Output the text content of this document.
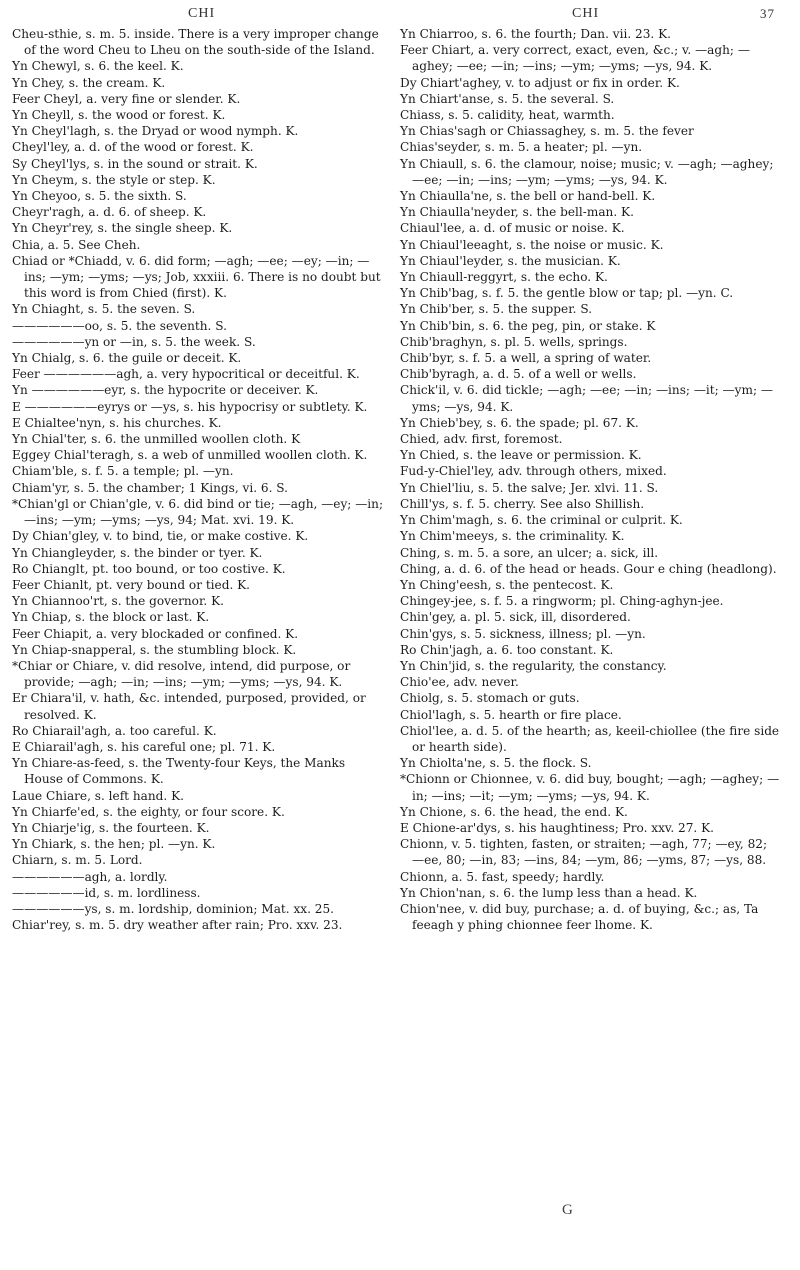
CHI	CHI	37

Cheu-sthie, s. m. 5. inside. There is a very improper change of the word Cheu to Lheu on the south-side of the Island.

Yn Chewyl, s. 6. the keel. K.

Yn Chey, s. the cream. K.

Feer Cheyl, a. very fine or slender. K.

Yn Cheyll, s. the wood or forest. K.

Yn Cheyl'lagh, s. the Dryad or wood nymph. K.

Cheyl'ley, a. d. of the wood or forest. K.

Sy Cheyl'lys, s. in the sound or strait. K.

Yn Cheym, s. the style or step. K.

Yn Cheyoo, s. 5. the sixth. S.

Cheyr'ragh, a. d. 6. of sheep. K.

Yn Cheyr'rey, s. the single sheep. K.

Chia, a. 5. See Cheh.

Chiad or *Chiadd, v. 6. did form; —agh; —ee; —ey; —in; —ins; —ym; —yms; —ys; Job, xxxiii. 6. There is no doubt but this word is from Chied (first). K.

Yn Chiaght, s. 5. the seven. S.

——————oo, s. 5. the seventh. S.

——————yn or —in, s. 5. the week. S.

Yn Chialg, s. 6. the guile or deceit. K.

Feer ——————agh, a. very hypocritical or deceitful. K.

Yn ——————eyr, s. the hypocrite or deceiver. K.

E ——————eyrys or —ys, s. his hypocrisy or subtlety. K.

E Chialtee'nyn, s. his churches. K.

Yn Chial'ter, s. 6. the unmilled woollen cloth. K

Eggey Chial'teragh, s. a web of unmilled woollen cloth. K.

Chiam'ble, s. f. 5. a temple; pl. —yn.

Chiam'yr, s. 5. the chamber; 1 Kings, vi. 6. S.

*Chian'gl or Chian'gle, v. 6. did bind or tie; —agh, —ey; —in; —ins; —ym; —yms; —ys, 94; Mat. xvi. 19. K.

Dy Chian'gley, v. to bind, tie, or make costive. K.

Yn Chiangleyder, s. the binder or tyer. K.

Ro Chianglt, pt. too bound, or too costive. K.

Feer Chianlt, pt. very bound or tied. K.

Yn Chiannoo'rt, s. the governor. K.

Yn Chiap, s. the block or last. K.

Feer Chiapit, a. very blockaded or confined. K.

Yn Chiap-snapperal, s. the stumbling block. K.

*Chiar or Chiare, v. did resolve, intend, did purpose, or provide; —agh; —in; —ins; —ym; —yms; —ys, 94. K.

Er Chiara'il, v. hath, &c. intended, purposed, provided, or resolved. K.

Ro Chiarail'agh, a. too careful. K.

E Chiarail'agh, s. his careful one; pl. 71. K.

Yn Chiare-as-feed, s. the Twenty-four Keys, the Manks House of Commons. K.

Laue Chiare, s. left hand. K.

Yn Chiarfe'ed, s. the eighty, or four score. K.

Yn Chiarje'ig, s. the fourteen. K.

Yn Chiark, s. the hen; pl. —yn. K.

Chiarn, s. m. 5. Lord.

——————agh, a. lordly.

——————id, s. m. lordliness.

——————ys, s. m. lordship, dominion; Mat. xx. 25.

Chiar'rey, s. m. 5. dry weather after rain; Pro. xxv. 23.

Yn Chiarroo, s. 6. the fourth; Dan. vii. 23. K.

Feer Chiart, a. very correct, exact, even, &c.; v. —agh; —aghey; —ee; —in; —ins; —ym; —yms; —ys, 94. K.

Dy Chiart'aghey, v. to adjust or fix in order. K.

Yn Chiart'anse, s. 5. the several. S.

Chiass, s. 5. calidity, heat, warmth.

Yn Chias'sagh or Chiassaghey, s. m. 5. the fever

Chias'seyder, s. m. 5. a heater; pl. —yn.

Yn Chiaull, s. 6. the clamour, noise; music; v. —agh; —aghey; —ee; —in; —ins; —ym; —yms; —ys, 94. K.

Yn Chiaulla'ne, s. the bell or hand-bell. K.

Yn Chiaulla'neyder, s. the bell-man. K.

Chiaul'lee, a. d. of music or noise. K.

Yn Chiaul'leeaght, s. the noise or music. K.

Yn Chiaul'leyder, s. the musician. K.

Yn Chiaull-reggyrt, s. the echo. K.

Yn Chib'bag, s. f. 5. the gentle blow or tap; pl. —yn. C.

Yn Chib'ber, s. 5. the supper. S.

Yn Chib'bin, s. 6. the peg, pin, or stake. K

Chib'braghyn, s. pl. 5. wells, springs.

Chib'byr, s. f. 5. a well, a spring of water.

Chib'byragh, a. d. 5. of a well or wells.

Chick'il, v. 6. did tickle; —agh; —ee; —in; —ins; —it; —ym; —yms; —ys, 94. K.

Yn Chieb'bey, s. 6. the spade; pl. 67. K.

Chied, adv. first, foremost.

Yn Chied, s. the leave or permission. K.

Fud-y-Chiel'ley, adv. through others, mixed.

Yn Chiel'liu, s. 5. the salve; Jer. xlvi. 11. S.

Chill'ys, s. f. 5. cherry. See also Shillish.

Yn Chim'magh, s. 6. the criminal or culprit. K.

Yn Chim'meeys, s. the criminality. K.

Ching, s. m. 5. a sore, an ulcer; a. sick, ill.

Ching, a. d. 6. of the head or heads. Gour e ching (headlong).

Yn Ching'eesh, s. the pentecost. K.

Chingey-jee, s. f. 5. a ringworm; pl. Ching-aghyn-jee.

Chin'gey, a. pl. 5. sick, ill, disordered.

Chin'gys, s. 5. sickness, illness; pl. —yn.

Ro Chin'jagh, a. 6. too constant. K.

Yn Chin'jid, s. the regularity, the constancy.

Chio'ee, adv. never.

Chiolg, s. 5. stomach or guts.

Chiol'lagh, s. 5. hearth or fire place.

Chiol'lee, a. d. 5. of the hearth; as, keeil-chiollee (the fire side or hearth side).

Yn Chiolta'ne, s. 5. the flock. S.

*Chionn or Chionnee, v. 6. did buy, bought; —agh; —aghey; —in; —ins; —it; —ym; —yms; —ys, 94. K.

Yn Chione, s. 6. the head, the end. K.

E Chione-ar'dys, s. his haughtiness; Pro. xxv. 27. K.

Chionn, v. 5. tighten, fasten, or straiten; —agh, 77; —ey, 82; —ee, 80; —in, 83; —ins, 84; —ym, 86; —yms, 87; —ys, 88.

Chionn, a. 5. fast, speedy; hardly.

Yn Chion'nan, s. 6. the lump less than a head. K.

Chion'nee, v. did buy, purchase; a. d. of buying, &c.; as, Ta feeagh y phing chionnee feer lhome. K.

G
